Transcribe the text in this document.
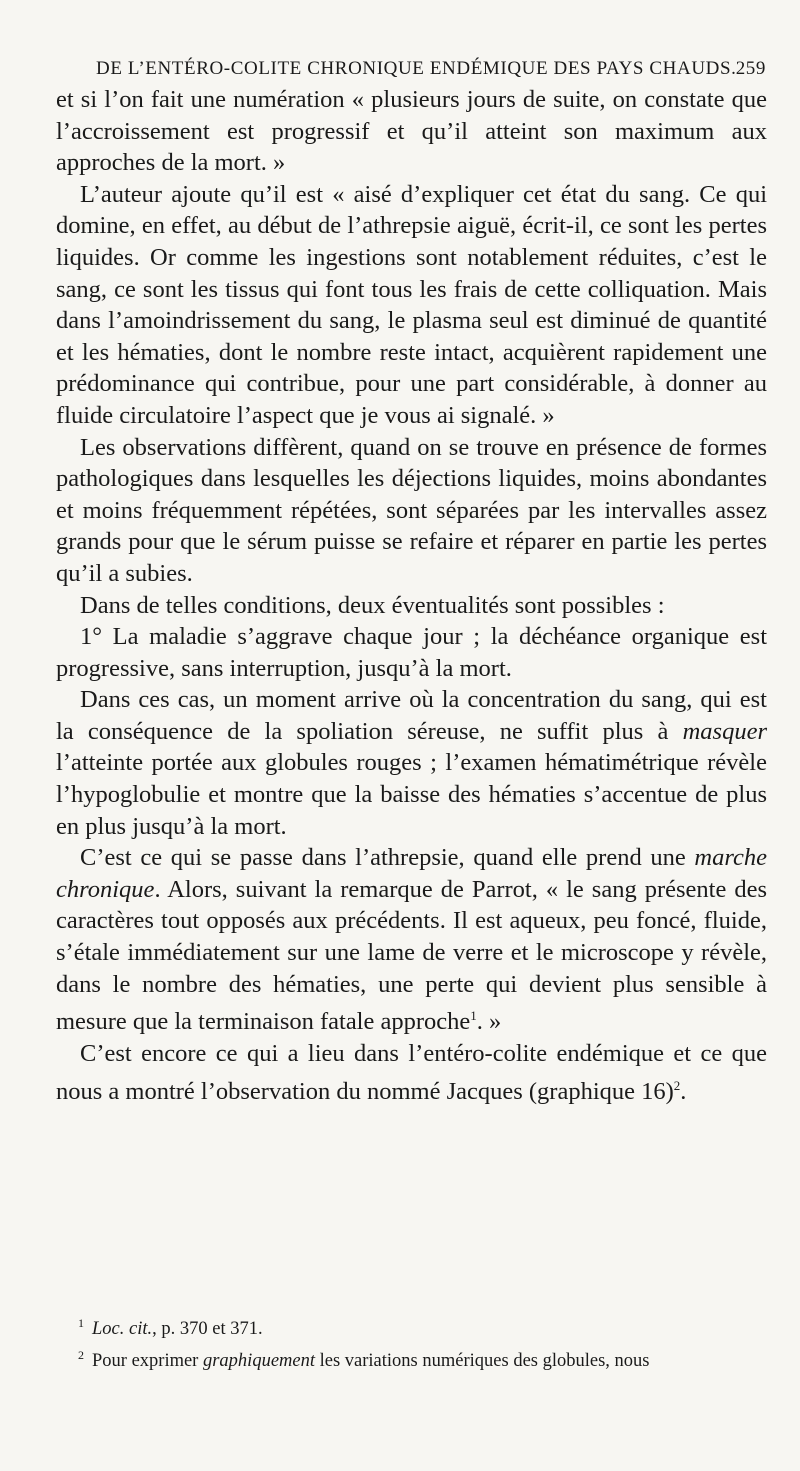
DE L’ENTÉRO-COLITE CHRONIQUE ENDÉMIQUE DES PAYS CHAUDS. 259

et si l’on fait une numération « plusieurs jours de suite, on constate que l’accroissement est progressif et qu’il atteint son maximum aux approches de la mort. »

L’auteur ajoute qu’il est « aisé d’expliquer cet état du sang. Ce qui domine, en effet, au début de l’athrepsie aiguë, écrit-il, ce sont les pertes liquides. Or comme les ingestions sont notablement réduites, c’est le sang, ce sont les tissus qui font tous les frais de cette colliquation. Mais dans l’amoindrissement du sang, le plasma seul est diminué de quantité et les hématies, dont le nombre reste intact, acquièrent rapidement une prédominance qui contribue, pour une part considérable, à donner au fluide circulatoire l’aspect que je vous ai signalé. »

Les observations diffèrent, quand on se trouve en présence de formes pathologiques dans lesquelles les déjections liquides, moins abondantes et moins fréquemment répétées, sont séparées par les intervalles assez grands pour que le sérum puisse se refaire et réparer en partie les pertes qu’il a subies.

Dans de telles conditions, deux éventualités sont possibles :

1° La maladie s’aggrave chaque jour ; la déchéance organique est progressive, sans interruption, jusqu’à la mort.

Dans ces cas, un moment arrive où la concentration du sang, qui est la conséquence de la spoliation séreuse, ne suffit plus à masquer l’atteinte portée aux globules rouges ; l’examen hématimétrique révèle l’hypoglobulie et montre que la baisse des hématies s’accentue de plus en plus jusqu’à la mort.

C’est ce qui se passe dans l’athrepsie, quand elle prend une marche chronique. Alors, suivant la remarque de Parrot, « le sang présente des caractères tout opposés aux précédents. Il est aqueux, peu foncé, fluide, s’étale immédiatement sur une lame de verre et le microscope y révèle, dans le nombre des hématies, une perte qui devient plus sensible à mesure que la terminaison fatale approche$^1$. »

C’est encore ce qui a lieu dans l’entéro-colite endémique et ce que nous a montré l’observation du nommé Jacques (graphique 16)$^2$.

$^1$ Loc. cit., p. 370 et 371.

$^2$ Pour exprimer graphiquement les variations numériques des globules, nous
